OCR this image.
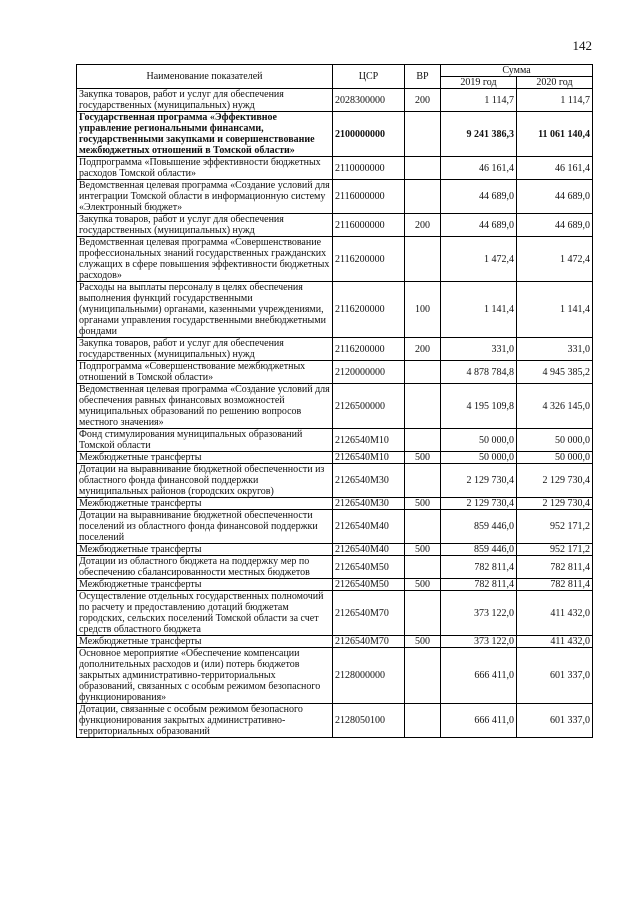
142
Наименование показателей	ЦСР	ВР	Сумма	
			2019 год	2020 год
Закупка товаров, работ и услуг для обеспечения государственных (муниципальных) нужд	2028300000	200	1 114,7	1 114,7
Государственная программа «Эффективное управление региональными финансами, государственными закупками и совершенствование межбюджетных отношений в Томской области»	2100000000		9 241 386,3	11 061 140,4
Подпрограмма «Повышение эффективности бюджетных расходов Томской области»	2110000000		46 161,4	46 161,4
Ведомственная целевая программа «Создание условий для интеграции Томской области в информационную систему «Электронный бюджет»	2116000000		44 689,0	44 689,0
Закупка товаров, работ и услуг для обеспечения государственных (муниципальных) нужд	2116000000	200	44 689,0	44 689,0
Ведомственная целевая программа «Совершенствование профессиональных знаний государственных гражданских служащих в сфере повышения эффективности бюджетных расходов»	2116200000		1 472,4	1 472,4
Расходы на выплаты персоналу в целях обеспечения выполнения функций государственными (муниципальными) органами, казенными учреждениями, органами управления государственными внебюджетными фондами	2116200000	100	1 141,4	1 141,4
Закупка товаров, работ и услуг для обеспечения государственных (муниципальных) нужд	2116200000	200	331,0	331,0
Подпрограмма «Совершенствование межбюджетных отношений в Томской области»	2120000000		4 878 784,8	4 945 385,2
Ведомственная целевая программа «Создание условий для обеспечения равных финансовых возможностей муниципальных образований по решению вопросов местного значения»	2126500000		4 195 109,8	4 326 145,0
Фонд стимулирования муниципальных образований Томской области	2126540M10		50 000,0	50 000,0
Межбюджетные трансферты	2126540M10	500	50 000,0	50 000,0
Дотации на выравнивание бюджетной обеспеченности из областного фонда финансовой поддержки муниципальных районов (городских округов)	2126540M30		2 129 730,4	2 129 730,4
Межбюджетные трансферты	2126540M30	500	2 129 730,4	2 129 730,4
Дотации на выравнивание бюджетной обеспеченности поселений из областного фонда финансовой поддержки поселений	2126540M40		859 446,0	952 171,2
Межбюджетные трансферты	2126540M40	500	859 446,0	952 171,2
Дотации из областного бюджета на поддержку мер по обеспечению сбалансированности местных бюджетов	2126540M50		782 811,4	782 811,4
Межбюджетные трансферты	2126540M50	500	782 811,4	782 811,4
Осуществление отдельных государственных полномочий по расчету и предоставлению дотаций бюджетам городских, сельских поселений Томской области за счет средств областного бюджета	2126540M70		373 122,0	411 432,0
Межбюджетные трансферты	2126540M70	500	373 122,0	411 432,0
Основное мероприятие «Обеспечение компенсации дополнительных расходов и (или) потерь бюджетов закрытых административно-территориальных образований, связанных с особым режимом безопасного функционирования»	2128000000		666 411,0	601 337,0
Дотации, связанные с особым режимом безопасного функционирования закрытых административно-территориальных образований	2128050100		666 411,0	601 337,0
